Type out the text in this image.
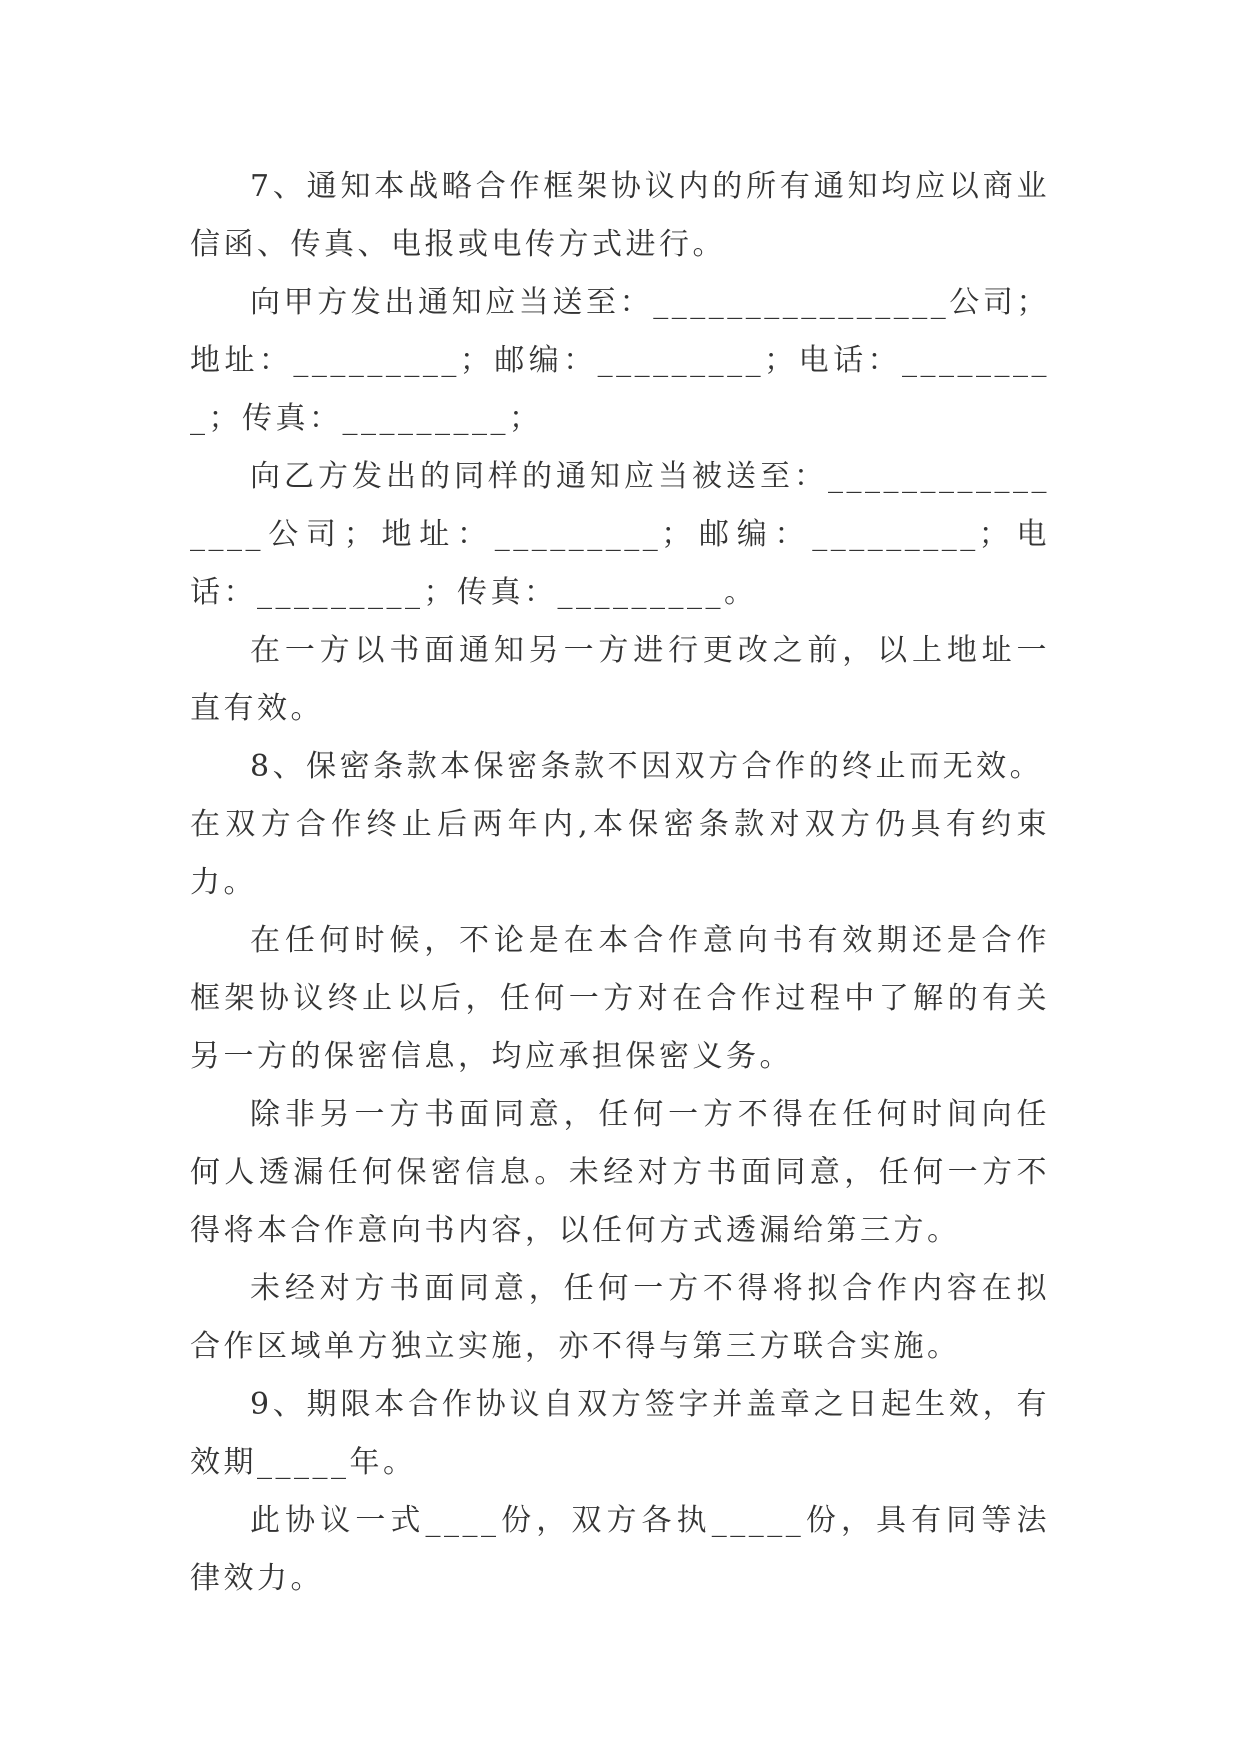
7、通知本战略合作框架协议内的所有通知均应以商业信函、传真、电报或电传方式进行。

向甲方发出通知应当送至：________________公司；地址：_________；邮编：_________；电话：_________；传真：_________；

向乙方发出的同样的通知应当被送至：________________公司；地址：_________；邮编：_________；电话：_________；传真：_________。

在一方以书面通知另一方进行更改之前，以上地址一直有效。

8、保密条款本保密条款不因双方合作的终止而无效。

在双方合作终止后两年内,本保密条款对双方仍具有约束力。

在任何时候，不论是在本合作意向书有效期还是合作框架协议终止以后，任何一方对在合作过程中了解的有关另一方的保密信息，均应承担保密义务。

除非另一方书面同意，任何一方不得在任何时间向任何人透漏任何保密信息。未经对方书面同意，任何一方不得将本合作意向书内容，以任何方式透漏给第三方。

未经对方书面同意，任何一方不得将拟合作内容在拟合作区域单方独立实施，亦不得与第三方联合实施。

9、期限本合作协议自双方签字并盖章之日起生效，有效期_____年。

此协议一式____份，双方各执_____份，具有同等法律效力。
